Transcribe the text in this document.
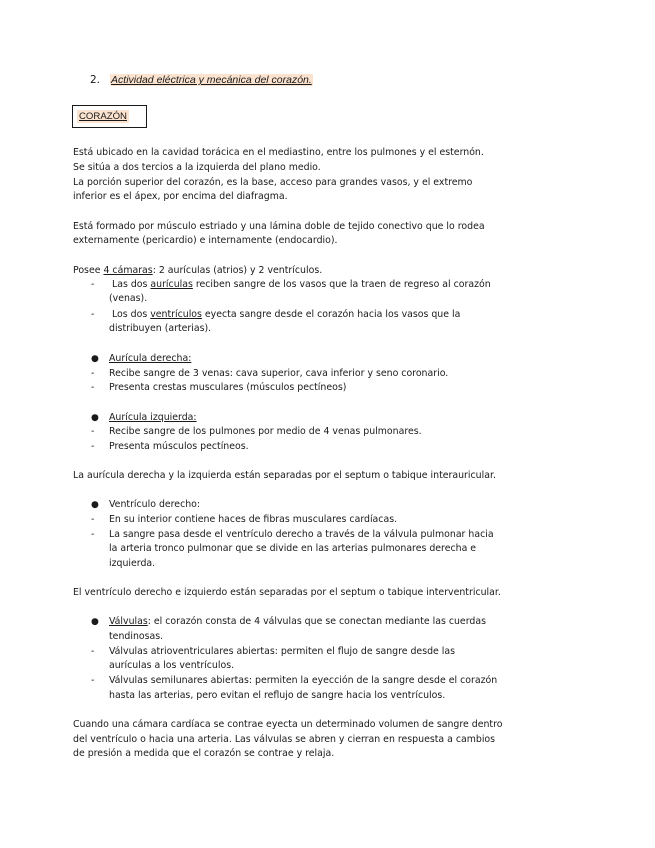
2. Actividad eléctrica y mecánica del corazón.
CORAZÓN
Está ubicado en la cavidad torácica en el mediastino, entre los pulmones y el esternón.
Se sitúa a dos tercios a la izquierda del plano medio.
La porción superior del corazón, es la base, acceso para grandes vasos, y el extremo
inferior es el ápex, por encima del diafragma.
Está formado por músculo estriado y una lámina doble de tejido conectivo que lo rodea
externamente (pericardio) e internamente (endocardio).
Posee 4 cámaras: 2 aurículas (atrios) y 2 ventrículos.
- Las dos aurículas reciben sangre de los vasos que la traen de regreso al corazón
(venas).
- Los dos ventrículos eyecta sangre desde el corazón hacia los vasos que la
distribuyen (arterias).
● Aurícula derecha:
- Recibe sangre de 3 venas: cava superior, cava inferior y seno coronario.
- Presenta crestas musculares (músculos pectíneos)
● Aurícula izquierda:
- Recibe sangre de los pulmones por medio de 4 venas pulmonares.
- Presenta músculos pectíneos.
La aurícula derecha y la izquierda están separadas por el septum o tabique interauricular.
● Ventrículo derecho:
- En su interior contiene haces de fibras musculares cardíacas.
- La sangre pasa desde el ventrículo derecho a través de la válvula pulmonar hacia
la arteria tronco pulmonar que se divide en las arterias pulmonares derecha e
izquierda.
El ventrículo derecho e izquierdo están separadas por el septum o tabique interventricular.
● Válvulas: el corazón consta de 4 válvulas que se conectan mediante las cuerdas
tendinosas.
- Válvulas atrioventriculares abiertas: permiten el flujo de sangre desde las
aurículas a los ventrículos.
- Válvulas semilunares abiertas: permiten la eyección de la sangre desde el corazón
hasta las arterias, pero evitan el reflujo de sangre hacia los ventrículos.
Cuando una cámara cardíaca se contrae eyecta un determinado volumen de sangre dentro
del ventrículo o hacia una arteria. Las válvulas se abren y cierran en respuesta a cambios
de presión a medida que el corazón se contrae y relaja.
